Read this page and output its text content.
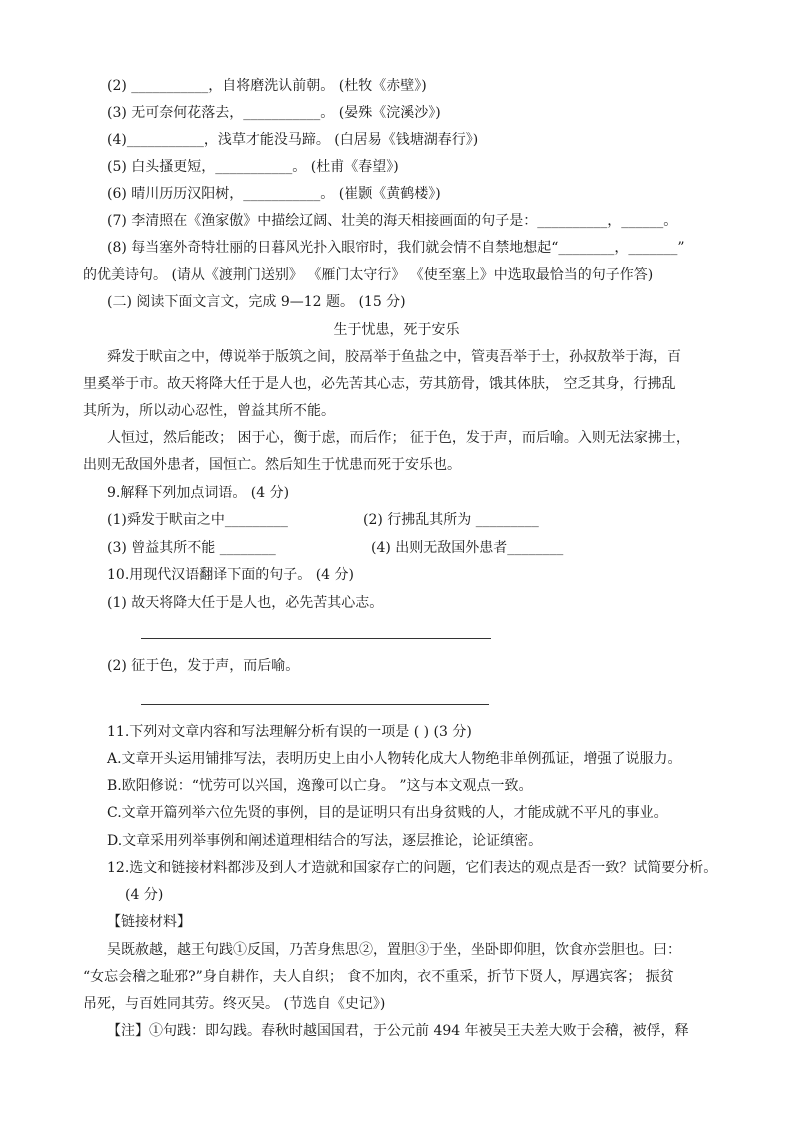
(2) ___________，自将磨洗认前朝。 (杜牧《赤壁》)
(3) 无可奈何花落去，___________。 (晏殊《浣溪沙》)
(4)___________，浅草才能没马蹄。 (白居易《钱塘湖春行》)
(5) 白头搔更短，___________。 (杜甫《春望》)
(6) 晴川历历汉阳树，___________。 (崔颢《黄鹤楼》)
(7) 李清照在《渔家傲》中描绘辽阔、壮美的海天相接画面的句子是：__________，______。
(8) 每当塞外奇特壮丽的日暮风光扑入眼帘时，我们就会情不自禁地想起“________，_______”
的优美诗句。 (请从《渡荆门送别》 《雁门太守行》 《使至塞上》中选取最恰当的句子作答)
(二) 阅读下面文言文，完成 9—12 题。 (15 分)
生于忧患，死于安乐
舜发于畎亩之中，傅说举于版筑之间，胶鬲举于鱼盐之中，管夷吾举于士，孙叔敖举于海，百
里奚举于市。故天将降大任于是人也，必先苦其心志，劳其筋骨，饿其体肤， 空乏其身，行拂乱
其所为，所以动心忍性，曾益其所不能。
人恒过，然后能改； 困于心，衡于虑，而后作； 征于色，发于声，而后喻。入则无法家拂士，
出则无敌国外患者，国恒亡。然后知生于忧患而死于安乐也。
9.解释下列加点词语。 (4 分)
(1)舜发于畎亩之中_________	(2) 行拂乱其所为 _________
(3) 曾益其所不能 ________	(4) 出则无敌国外患者________
10.用现代汉语翻译下面的句子。 (4 分)
(1) 故天将降大任于是人也，必先苦其心志。
(2) 征于色，发于声，而后喻。
11.下列对文章内容和写法理解分析有误的一项是 ( ) (3 分)
A.文章开头运用铺排写法，表明历史上由小人物转化成大人物绝非单例孤证，增强了说服力。
B.欧阳修说：“忧劳可以兴国，逸豫可以亡身。 ”这与本文观点一致。
C.文章开篇列举六位先贤的事例，目的是证明只有出身贫贱的人，才能成就不平凡的事业。
D.文章采用列举事例和阐述道理相结合的写法，逐层推论，论证缜密。
12.选文和链接材料都涉及到人才造就和国家存亡的问题，它们表达的观点是否一致？试简要分析。
(4 分)
【链接材料】
吴既赦越，越王句践①反国，乃苦身焦思②，置胆③于坐，坐卧即仰胆，饮食亦尝胆也。曰：
“女忘会稽之耻邪?”身自耕作，夫人自织； 食不加肉，衣不重采，折节下贤人，厚遇宾客； 振贫
吊死，与百姓同其劳。终灭吴。 (节选自《史记》)
【注】①句践：即勾践。春秋时越国国君，于公元前 494 年被吴王夫差大败于会稽，被俘，释
